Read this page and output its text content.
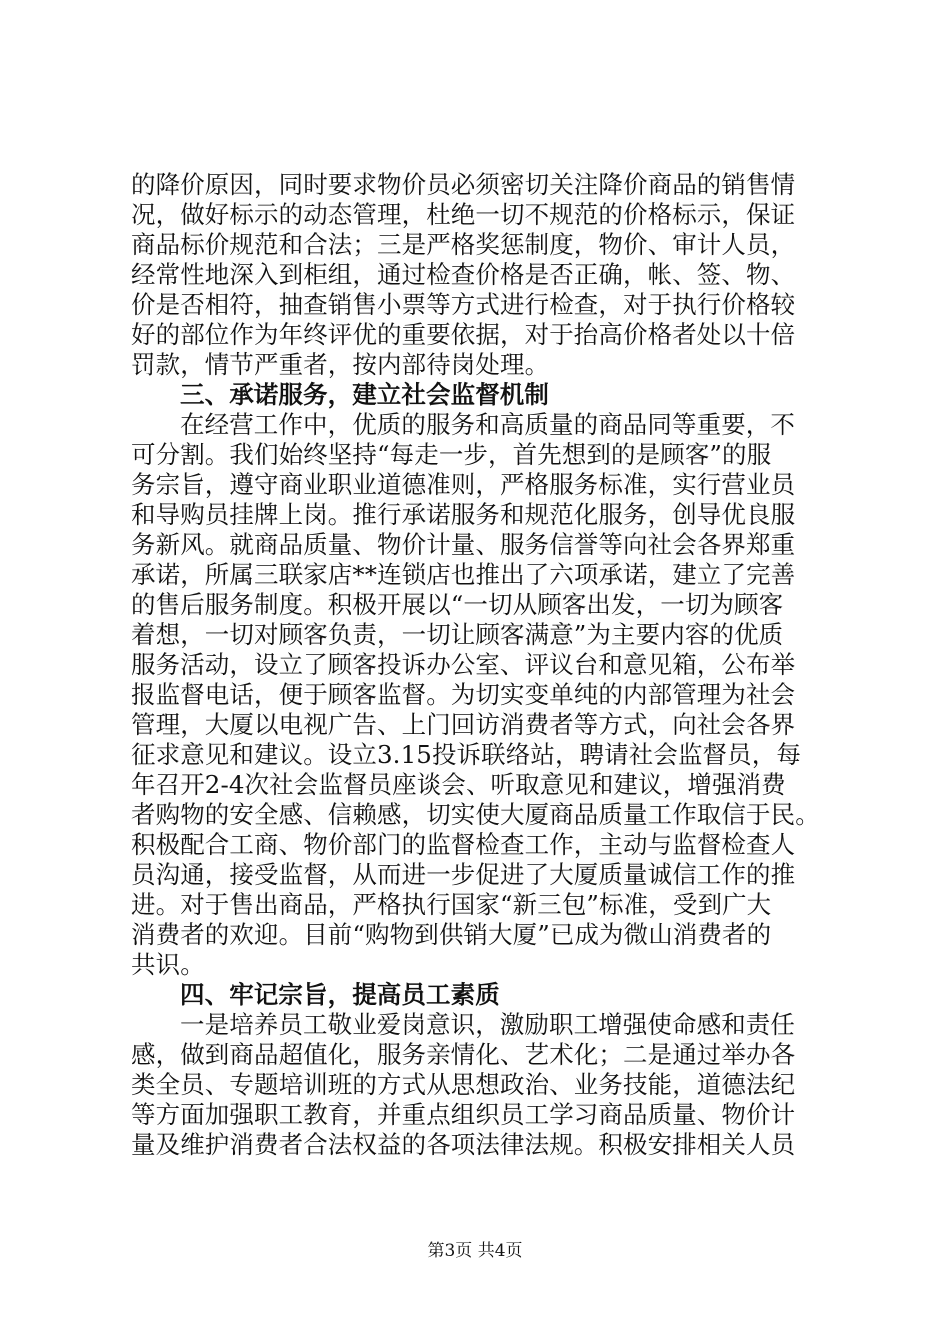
的降价原因，同时要求物价员必须密切关注降价商品的销售情
况，做好标示的动态管理，杜绝一切不规范的价格标示，保证
商品标价规范和合法；三是严格奖惩制度，物价、审计人员，
经常性地深入到柜组，通过检查价格是否正确，帐、签、物、
价是否相符，抽查销售小票等方式进行检查，对于执行价格较
好的部位作为年终评优的重要依据，对于抬高价格者处以十倍
罚款，情节严重者，按内部待岗处理。
三、承诺服务，建立社会监督机制
在经营工作中，优质的服务和高质量的商品同等重要，不
可分割。我们始终坚持“每走一步，首先想到的是顾客”的服
务宗旨，遵守商业职业道德准则，严格服务标准，实行营业员
和导购员挂牌上岗。推行承诺服务和规范化服务，创导优良服
务新风。就商品质量、物价计量、服务信誉等向社会各界郑重
承诺，所属三联家店**连锁店也推出了六项承诺，建立了完善
的售后服务制度。积极开展以“一切从顾客出发，一切为顾客
着想，一切对顾客负责，一切让顾客满意”为主要内容的优质
服务活动，设立了顾客投诉办公室、评议台和意见箱，公布举
报监督电话，便于顾客监督。为切实变单纯的内部管理为社会
管理，大厦以电视广告、上门回访消费者等方式，向社会各界
征求意见和建议。设立3.15投诉联络站，聘请社会监督员，每
年召开2-4次社会监督员座谈会、听取意见和建议，增强消费
者购物的安全感、信赖感，切实使大厦商品质量工作取信于民。
积极配合工商、物价部门的监督检查工作，主动与监督检查人
员沟通，接受监督，从而进一步促进了大厦质量诚信工作的推
进。对于售出商品，严格执行国家“新三包”标准，受到广大
消费者的欢迎。目前“购物到供销大厦”已成为微山消费者的
共识。
四、牢记宗旨，提高员工素质
一是培养员工敬业爱岗意识，激励职工增强使命感和责任
感，做到商品超值化，服务亲情化、艺术化；二是通过举办各
类全员、专题培训班的方式从思想政治、业务技能，道德法纪
等方面加强职工教育，并重点组织员工学习商品质量、物价计
量及维护消费者合法权益的各项法律法规。积极安排相关人员
第3页 共4页
